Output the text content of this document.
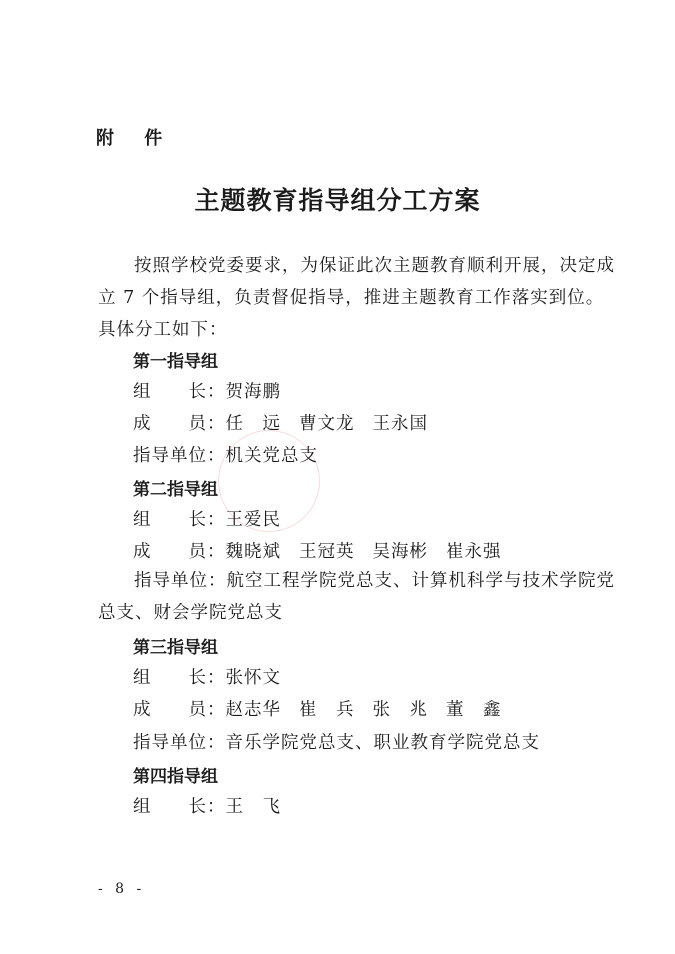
附 件
主题教育指导组分工方案
按照学校党委要求，为保证此次主题教育顺利开展，决定成立 7 个指导组，负责督促指导，推进主题教育工作落实到位。具体分工如下：
第一指导组
组　　长：贺海鹏
成　　员：任　远 曹文龙 王永国
指导单位：机关党总支
第二指导组
组　　长：王爱民
成　　员：魏晓斌 王冠英 吴海彬 崔永强
指导单位：航空工程学院党总支、计算机科学与技术学院党总支、财会学院党总支
第三指导组
组　　长：张怀文
成　　员：赵志华 崔　兵 张　兆 董　鑫
指导单位：音乐学院党总支、职业教育学院党总支
第四指导组
组　　长：王　飞
- 8 -
